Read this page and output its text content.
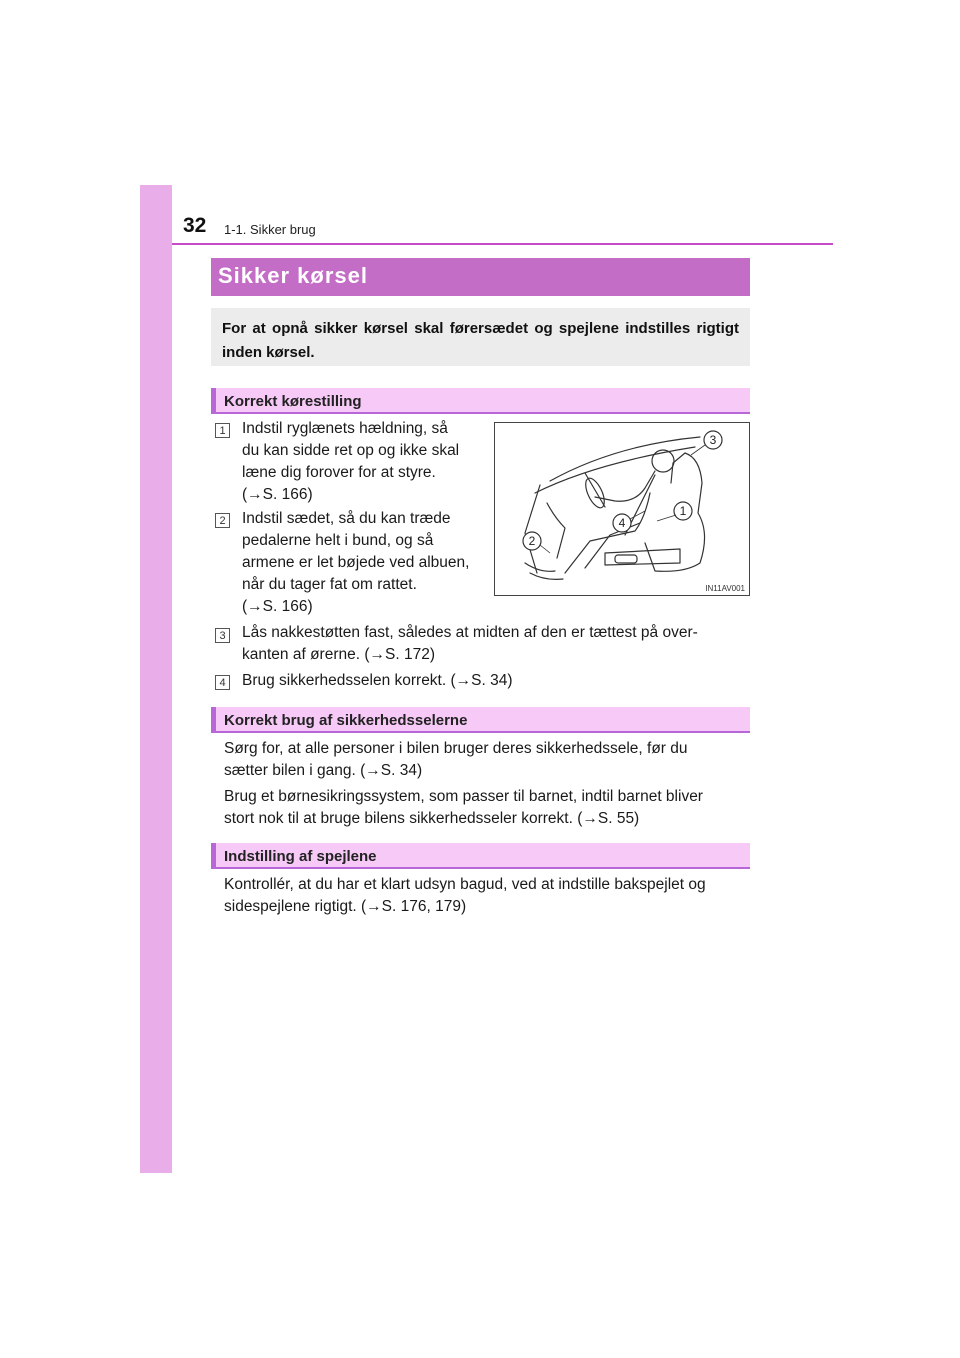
32 1-1. Sikker brug
Sikker kørsel
For at opnå sikker kørsel skal førersædet og spejlene indstilles rigtigt inden kørsel.
Korrekt kørestilling
1 Indstil ryglænets hældning, så
du kan sidde ret op og ikke skal
læne dig forover for at styre.
(→S. 166)
2 Indstil sædet, så du kan træde
pedalerne helt i bund, og så
armene er let bøjede ved albuen,
når du tager fat om rattet.
(→S. 166)
3
1
4
2
IN11AV001
3 Lås nakkestøtten fast, således at midten af den er tættest på over-
kanten af ørerne. (→S. 172)
4 Brug sikkerhedsselen korrekt. (→S. 34)
Korrekt brug af sikkerhedsselerne
Sørg for, at alle personer i bilen bruger deres sikkerhedssele, før du
sætter bilen i gang. (→S. 34)
Brug et børnesikringssystem, som passer til barnet, indtil barnet bliver
stort nok til at bruge bilens sikkerhedsseler korrekt. (→S. 55)
Indstilling af spejlene
Kontrollér, at du har et klart udsyn bagud, ved at indstille bakspejlet og
sidespejlene rigtigt. (→S. 176, 179)
